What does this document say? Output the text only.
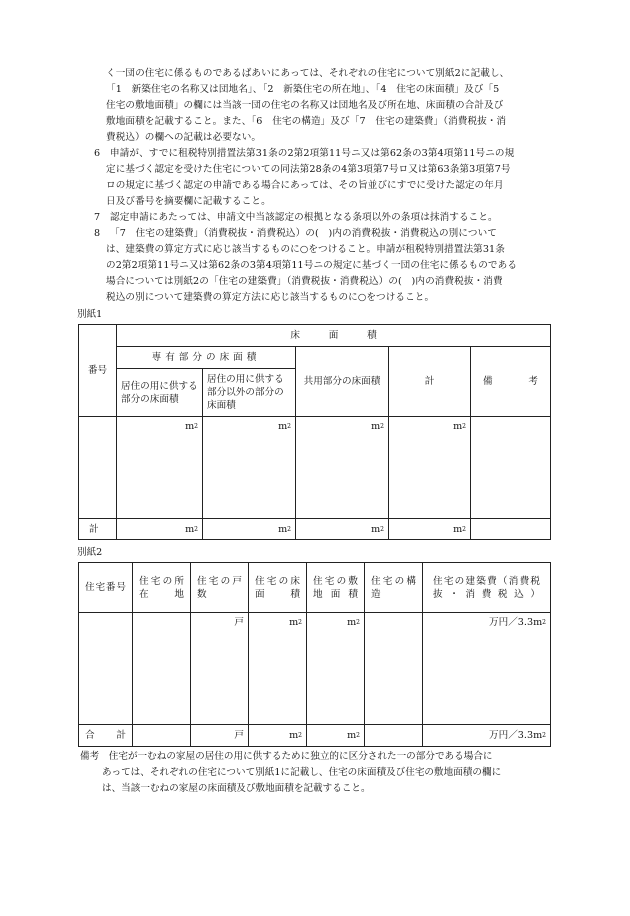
く一団の住宅に係るものであるばあいにあっては、それぞれの住宅について別紙2に記載し、
「1　新築住宅の名称又は団地名」、「2　新築住宅の所在地」、「4　住宅の床面積」及び「5
住宅の敷地面積」の欄には当該一団の住宅の名称又は団地名及び所在地、床面積の合計及び
敷地面積を記載すること。また、「6　住宅の構造」及び「7　住宅の建築費」（消費税抜・消
費税込）の欄への記載は必要ない。
6 申請が、すでに租税特別措置法第31条の2第2項第11号ニ又は第62条の3第4項第11号ニの規
定に基づく認定を受けた住宅についての同法第28条の4第3項第7号ロ又は第63条第3項第7号
ロの規定に基づく認定の申請である場合にあっては、その旨並びにすでに受けた認定の年月
日及び番号を摘要欄に記載すること。
7 認定申請にあたっては、申請文中当該認定の根拠となる条項以外の条項は抹消すること。
8 「7　住宅の建築費」（消費税抜・消費税込）の(　)内の消費税抜・消費税込の別について
は、建築費の算定方式に応じ該当するものに○をつけること。申請が租税特別措置法第31条
の2第2項第11号ニ又は第62条の3第4項第11号ニの規定に基づく一団の住宅に係るものである
場合については別紙2の「住宅の建築費」（消費税抜・消費税込）の(　)内の消費税抜・消費
税込の別について建築費の算定方法に応じ該当するものに○をつけること。
別紙1
番号	床　　　面　　　積				
	専有部分の床面積		共用部分の床面積	計	備考
	居住の用に供する部分の床面積	居住の用に供する部分以外の部分の床面積			
	$m^2$	$m^2$	$m^2$	$m^2$	
計	$m^2$	$m^2$	$m^2$	$m^2$	
別紙2
住宅番号	住宅の所在地	住宅の戸数	住宅の床面積	住宅の敷地面積	住宅の構造	住宅の建築費（消費税抜・消費税込）
		戸	$m^2$	$m^2$		万円$/3.3m^2$
合　計		戸	$m^2$	$m^2$		万円$/3.3m^2$
備考　住宅が一むねの家屋の居住の用に供するために独立的に区分された一の部分である場合に
あっては、それぞれの住宅について別紙1に記載し、住宅の床面積及び住宅の敷地面積の欄に
は、当該一むねの家屋の床面積及び敷地面積を記載すること。
